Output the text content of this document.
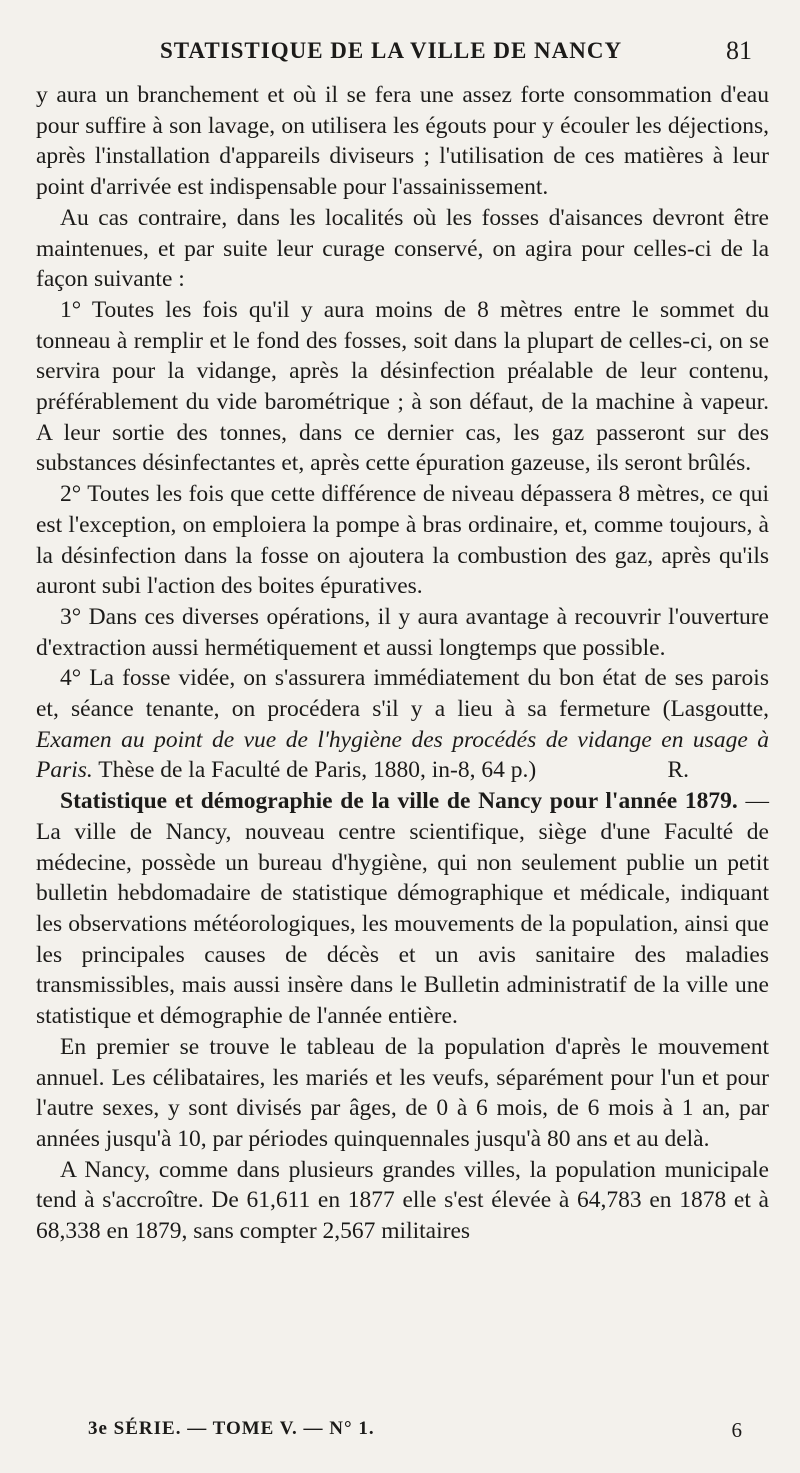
STATISTIQUE DE LA VILLE DE NANCY	81

y aura un branchement et où il se fera une assez forte consommation d'eau pour suffire à son lavage, on utilisera les égouts pour y écouler les déjections, après l'installation d'appareils diviseurs ; l'utilisation de ces matières à leur point d'arrivée est indispensable pour l'assainissement.

Au cas contraire, dans les localités où les fosses d'aisances devront être maintenues, et par suite leur curage conservé, on agira pour celles-ci de la façon suivante :

1° Toutes les fois qu'il y aura moins de 8 mètres entre le sommet du tonneau à remplir et le fond des fosses, soit dans la plupart de celles-ci, on se servira pour la vidange, après la désinfection préalable de leur contenu, préférablement du vide barométrique ; à son défaut, de la machine à vapeur. A leur sortie des tonnes, dans ce dernier cas, les gaz passeront sur des substances désinfectantes et, après cette épuration gazeuse, ils seront brûlés.

2° Toutes les fois que cette différence de niveau dépassera 8 mètres, ce qui est l'exception, on emploiera la pompe à bras ordinaire, et, comme toujours, à la désinfection dans la fosse on ajoutera la combustion des gaz, après qu'ils auront subi l'action des boites épuratives.

3° Dans ces diverses opérations, il y aura avantage à recouvrir l'ouverture d'extraction aussi hermétiquement et aussi longtemps que possible.

4° La fosse vidée, on s'assurera immédiatement du bon état de ses parois et, séance tenante, on procédera s'il y a lieu à sa fermeture (Lasgoutte, Examen au point de vue de l'hygiène des procédés de vidange en usage à Paris. Thèse de la Faculté de Paris, 1880, in-8, 64 p.)	R.

Statistique et démographie de la ville de Nancy pour l'année 1879. — La ville de Nancy, nouveau centre scientifique, siège d'une Faculté de médecine, possède un bureau d'hygiène, qui non seulement publie un petit bulletin hebdomadaire de statistique démographique et médicale, indiquant les observations météorologiques, les mouvements de la population, ainsi que les principales causes de décès et un avis sanitaire des maladies transmissibles, mais aussi insère dans le Bulletin administratif de la ville une statistique et démographie de l'année entière.

En premier se trouve le tableau de la population d'après le mouvement annuel. Les célibataires, les mariés et les veufs, séparément pour l'un et pour l'autre sexes, y sont divisés par âges, de 0 à 6 mois, de 6 mois à 1 an, par années jusqu'à 10, par périodes quinquennales jusqu'à 80 ans et au delà.

A Nancy, comme dans plusieurs grandes villes, la population municipale tend à s'accroître. De 61,611 en 1877 elle s'est élevée à 64,783 en 1878 et à 68,338 en 1879, sans compter 2,567 militaires

3e SÉRIE. — TOME V. — N° 1.	6
